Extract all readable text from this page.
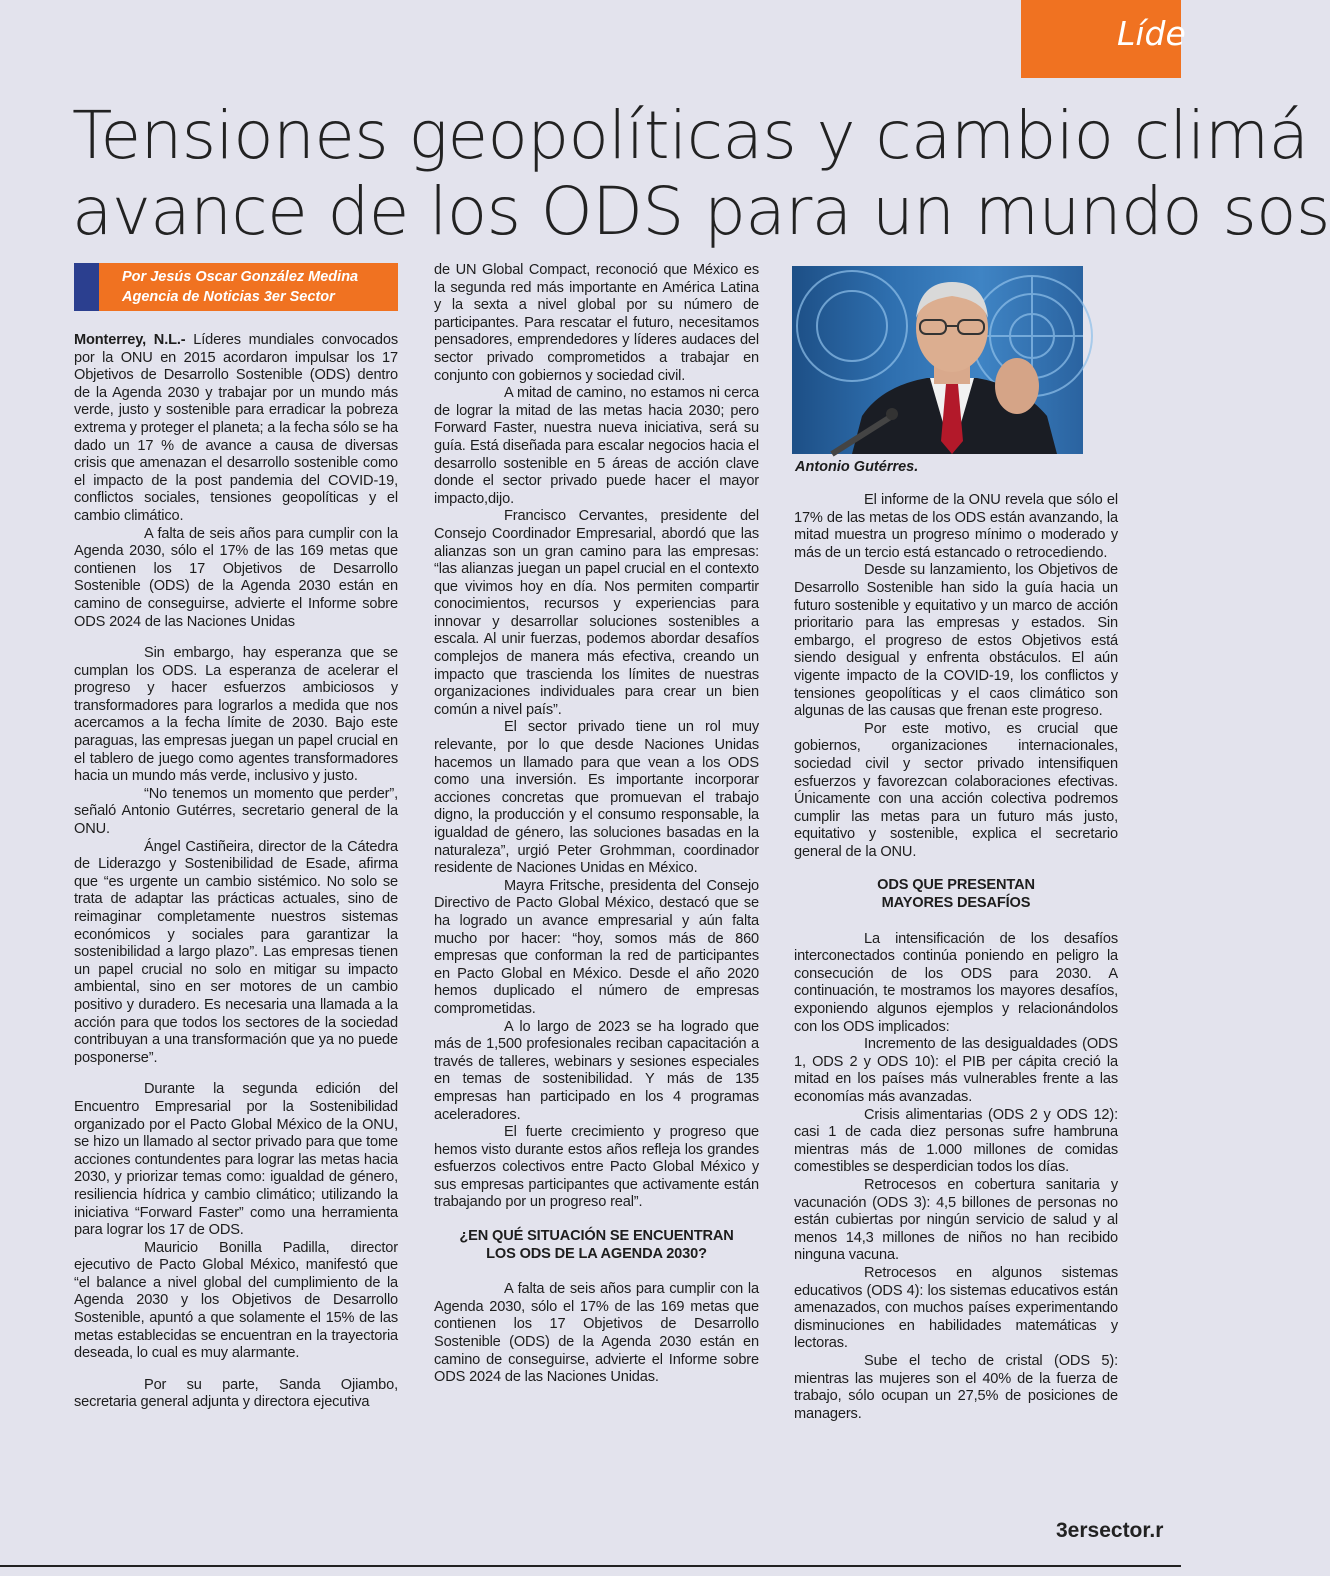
Líde
Tensiones geopolíticas y cambio climá
avance de los ODS para un mundo sos
Por Jesús Oscar González Medina
Agencia de Noticias 3er Sector

Monterrey, N.L.- Líderes mundiales convocados por la ONU en 2015 acordaron impulsar los 17 Objetivos de Desarrollo Sostenible (ODS) dentro de la Agenda 2030 y trabajar por un mundo más verde, justo y sostenible para erradicar la pobreza extrema y proteger el planeta; a la fecha sólo se ha dado un 17 % de avance a causa de diversas crisis que amenazan el desarrollo sostenible como el impacto de la post pandemia del COVID-19, conflictos sociales, tensiones geopolíticas y el cambio climático.

A falta de seis años para cumplir con la Agenda 2030, sólo el 17% de las 169 metas que contienen los 17 Objetivos de Desarrollo Sostenible (ODS) de la Agenda 2030 están en camino de conseguirse, advierte el Informe sobre ODS 2024 de las Naciones Unidas

Sin embargo, hay esperanza que se cumplan los ODS. La esperanza de acelerar el progreso y hacer esfuerzos ambiciosos y transformadores para lograrlos a medida que nos acercamos a la fecha límite de 2030. Bajo este paraguas, las empresas juegan un papel crucial en el tablero de juego como agentes transformadores hacia un mundo más verde, inclusivo y justo.

“No tenemos un momento que perder”, señaló Antonio Gutérres, secretario general de la ONU.

Ángel Castiñeira, director de la Cátedra de Liderazgo y Sostenibilidad de Esade, afirma que “es urgente un cambio sistémico. No solo se trata de adaptar las prácticas actuales, sino de reimaginar completamente nuestros sistemas económicos y sociales para garantizar la sostenibilidad a largo plazo”. Las empresas tienen un papel crucial no solo en mitigar su impacto ambiental, sino en ser motores de un cambio positivo y duradero. Es necesaria una llamada a la acción para que todos los sectores de la sociedad contribuyan a una transformación que ya no puede posponerse”.

Durante la segunda edición del Encuentro Empresarial por la Sostenibilidad organizado por el Pacto Global México de la ONU, se hizo un llamado al sector privado para que tome acciones contundentes para lograr las metas hacia 2030, y priorizar temas como: igualdad de género, resiliencia hídrica y cambio climático; utilizando la iniciativa “Forward Faster” como una herramienta para lograr los 17 de ODS.

Mauricio Bonilla Padilla, director ejecutivo de Pacto Global México, manifestó que “el balance a nivel global del cumplimiento de la Agenda 2030 y los Objetivos de Desarrollo Sostenible, apuntó a que solamente el 15% de las metas establecidas se encuentran en la trayectoria deseada, lo cual es muy alarmante.

Por su parte, Sanda Ojiambo, secretaria general adjunta y directora ejecutiva

de UN Global Compact, reconoció que México es la segunda red más importante en América Latina y la sexta a nivel global por su número de participantes. Para rescatar el futuro, necesitamos pensadores, emprendedores y líderes audaces del sector privado comprometidos a trabajar en conjunto con gobiernos y sociedad civil.

A mitad de camino, no estamos ni cerca de lograr la mitad de las metas hacia 2030; pero Forward Faster, nuestra nueva iniciativa, será su guía. Está diseñada para escalar negocios hacia el desarrollo sostenible en 5 áreas de acción clave donde el sector privado puede hacer el mayor impacto,dijo.

Francisco Cervantes, presidente del Consejo Coordinador Empresarial, abordó que las alianzas son un gran camino para las empresas: “las alianzas juegan un papel crucial en el contexto que vivimos hoy en día. Nos permiten compartir conocimientos, recursos y experiencias para innovar y desarrollar soluciones sostenibles a escala. Al unir fuerzas, podemos abordar desafíos complejos de manera más efectiva, creando un impacto que trascienda los límites de nuestras organizaciones individuales para crear un bien común a nivel país”.

El sector privado tiene un rol muy relevante, por lo que desde Naciones Unidas hacemos un llamado para que vean a los ODS como una inversión. Es importante incorporar acciones concretas que promuevan el trabajo digno, la producción y el consumo responsable, la igualdad de género, las soluciones basadas en la naturaleza”, urgió Peter Grohmman, coordinador residente de Naciones Unidas en México.

Mayra Fritsche, presidenta del Consejo Directivo de Pacto Global México, destacó que se ha logrado un avance empresarial y aún falta mucho por hacer: “hoy, somos más de 860 empresas que conforman la red de participantes en Pacto Global en México. Desde el año 2020 hemos duplicado el número de empresas comprometidas.

A lo largo de 2023 se ha logrado que más de 1,500 profesionales reciban capacitación a través de talleres, webinars y sesiones especiales en temas de sostenibilidad. Y más de 135 empresas han participado en los 4 programas aceleradores.

El fuerte crecimiento y progreso que hemos visto durante estos años refleja los grandes esfuerzos colectivos entre Pacto Global México y sus empresas participantes que activamente están trabajando por un progreso real”.

¿EN QUÉ SITUACIÓN SE ENCUENTRAN
LOS ODS DE LA AGENDA 2030?

A falta de seis años para cumplir con la Agenda 2030, sólo el 17% de las 169 metas que contienen los 17 Objetivos de Desarrollo Sostenible (ODS) de la Agenda 2030 están en camino de conseguirse, advierte el Informe sobre ODS 2024 de las Naciones Unidas.

Antonio Gutérres.

El informe de la ONU revela que sólo el 17% de las metas de los ODS están avanzando, la mitad muestra un progreso mínimo o moderado y más de un tercio está estancado o retrocediendo.

Desde su lanzamiento, los Objetivos de Desarrollo Sostenible han sido la guía hacia un futuro sostenible y equitativo y un marco de acción prioritario para las empresas y estados. Sin embargo, el progreso de estos Objetivos está siendo desigual y enfrenta obstáculos. El aún vigente impacto de la COVID-19, los conflictos y tensiones geopolíticas y el caos climático son algunas de las causas que frenan este progreso.

Por este motivo, es crucial que gobiernos, organizaciones internacionales, sociedad civil y sector privado intensifiquen esfuerzos y favorezcan colaboraciones efectivas. Únicamente con una acción colectiva podremos cumplir las metas para un futuro más justo, equitativo y sostenible, explica el secretario general de la ONU.

ODS QUE PRESENTAN
MAYORES DESAFÍOS

La intensificación de los desafíos interconectados continúa poniendo en peligro la consecución de los ODS para 2030. A continuación, te mostramos los mayores desafíos, exponiendo algunos ejemplos y relacionándolos con los ODS implicados:

Incremento de las desigualdades (ODS 1, ODS 2 y ODS 10): el PIB per cápita creció la mitad en los países más vulnerables frente a las economías más avanzadas.

Crisis alimentarias (ODS 2 y ODS 12): casi 1 de cada diez personas sufre hambruna mientras más de 1.000 millones de comidas comestibles se desperdician todos los días.

Retrocesos en cobertura sanitaria y vacunación (ODS 3): 4,5 billones de personas no están cubiertas por ningún servicio de salud y al menos 14,3 millones de niños no han recibido ninguna vacuna.

Retrocesos en algunos sistemas educativos (ODS 4): los sistemas educativos están amenazados, con muchos países experimentando disminuciones en habilidades matemáticas y lectoras.

Sube el techo de cristal (ODS 5): mientras las mujeres son el 40% de la fuerza de trabajo, sólo ocupan un 27,5% de posiciones de managers.

3ersector.r
